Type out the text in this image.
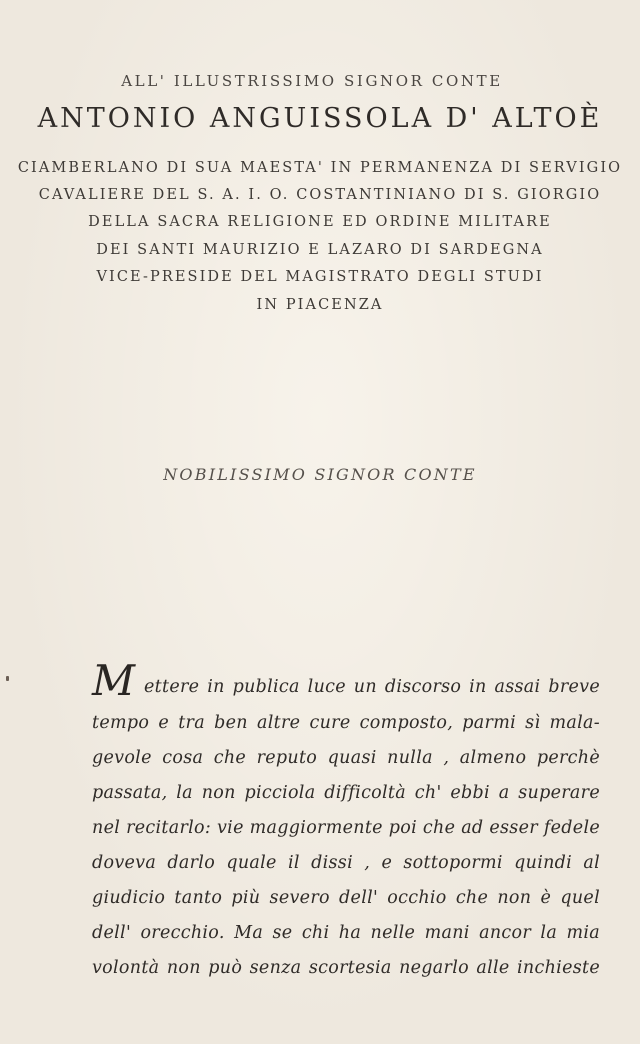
ALL' ILLUSTRISSIMO SIGNOR CONTE
ANTONIO ANGUISSOLA D' ALTOÈ
CIAMBERLANO DI SUA MAESTA' IN PERMANENZA DI SERVIGIO
CAVALIERE DEL S. A. I. O. COSTANTINIANO DI S. GIORGIO
DELLA SACRA RELIGIONE ED ORDINE MILITARE
DEI SANTI MAURIZIO E LAZARO DI SARDEGNA
VICE-PRESIDE DEL MAGISTRATO DEGLI STUDI
IN PIACENZA
NOBILISSIMO SIGNOR CONTE
M ettere in publica luce un discorso in assai breve
tempo e tra ben altre cure composto, parmi sì mala-
gevole cosa che reputo quasi nulla , almeno perchè
passata, la non picciola difficoltà ch' ebbi a superare
nel recitarlo: vie maggiormente poi che ad esser fedele
doveva darlo quale il dissi , e sottopormi quindi al
giudicio tanto più severo dell' occhio che non è quel
dell' orecchio. Ma se chi ha nelle mani ancor la mia
volontà non può senza scortesia negarlo alle inchieste
